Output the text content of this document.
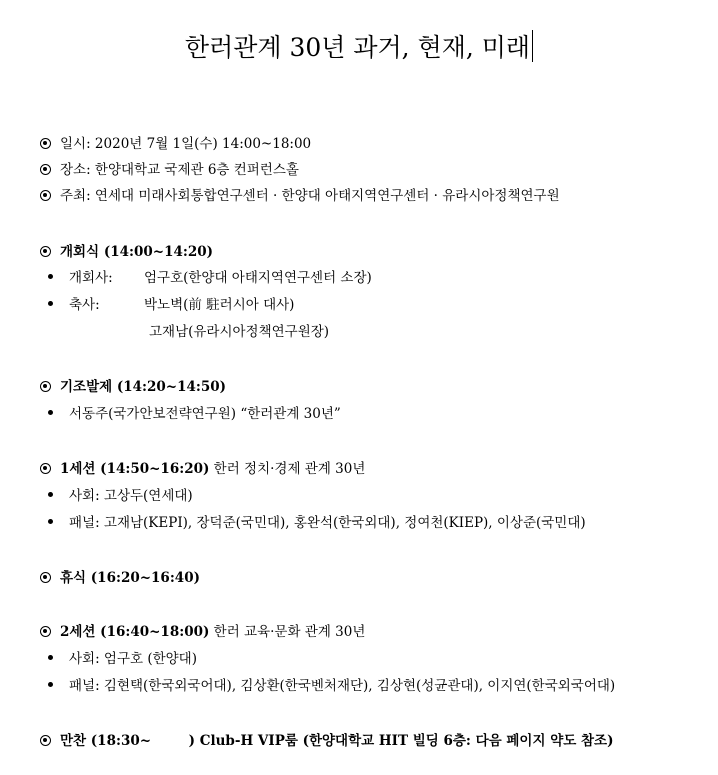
한러관계 30년 과거, 현재, 미래
일시: 2020년 7월 1일(수) 14:00~18:00
장소: 한양대학교 국제관 6층 컨퍼런스홀
주최: 연세대 미래사회통합연구센터 · 한양대 아태지역연구센터 · 유라시아정책연구원
개회식 (14:00~14:20)
개회사: 엄구호(한양대 아태지역연구센터 소장)
축사:	박노벽(前 駐러시아 대사)
고재남(유라시아정책연구원장)
기조발제 (14:20~14:50)
서동주(국가안보전략연구원) “한러관계 30년”
1세션 (14:50~16:20) 한러 정치·경제 관계 30년
사회: 고상두(연세대)
패널: 고재남(KEPI), 장덕준(국민대), 홍완석(한국외대), 정여천(KIEP), 이상준(국민대)
휴식 (16:20~16:40)
2세션 (16:40~18:00) 한러 교육·문화 관계 30년
사회: 엄구호 (한양대)
패널: 김현택(한국외국어대), 김상환(한국벤처재단), 김상현(성균관대), 이지연(한국외국어대)
만찬 (18:30~        ) Club-H VIP룸 (한양대학교 HIT 빌딩 6층: 다음 페이지 약도 참조)
